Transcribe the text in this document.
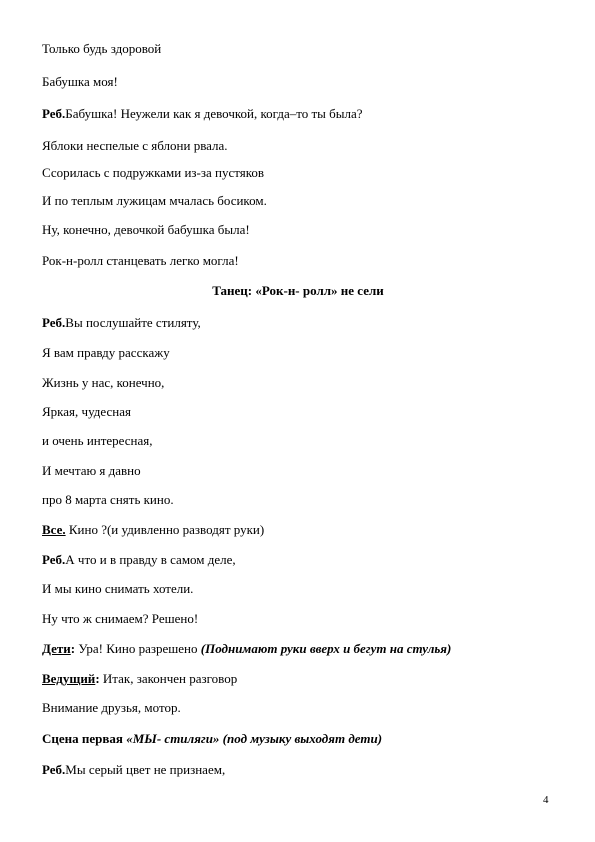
Только будь здоровой
Бабушка моя!
Реб.Бабушка! Неужели как я девочкой, когда–то ты была?
Яблоки неспелые с яблони рвала.
Ссорилась с подружками из-за пустяков
И по теплым лужицам мчалась босиком.
Ну, конечно, девочкой бабушка была!
Рок-н-ролл станцевать легко могла!
Танец: «Рок-н- ролл» не сели
Реб.Вы послушайте стиляту,
Я вам правду расскажу
Жизнь у нас, конечно,
Яркая, чудесная
и очень интересная,
И мечтаю я давно
про 8 марта снять кино.
Все. Кино ?(и удивленно разводят руки)
Реб.А что и в правду в самом деле,
И мы кино снимать хотели.
Ну что ж снимаем? Решено!
Дети: Ура! Кино разрешено (Поднимают руки вверх и бегут на стулья)
Ведущий: Итак, закончен разговор
Внимание друзья, мотор.
Сцена первая «МЫ- стиляги» (под музыку выходят дети)
Реб.Мы серый цвет не признаем,
4
